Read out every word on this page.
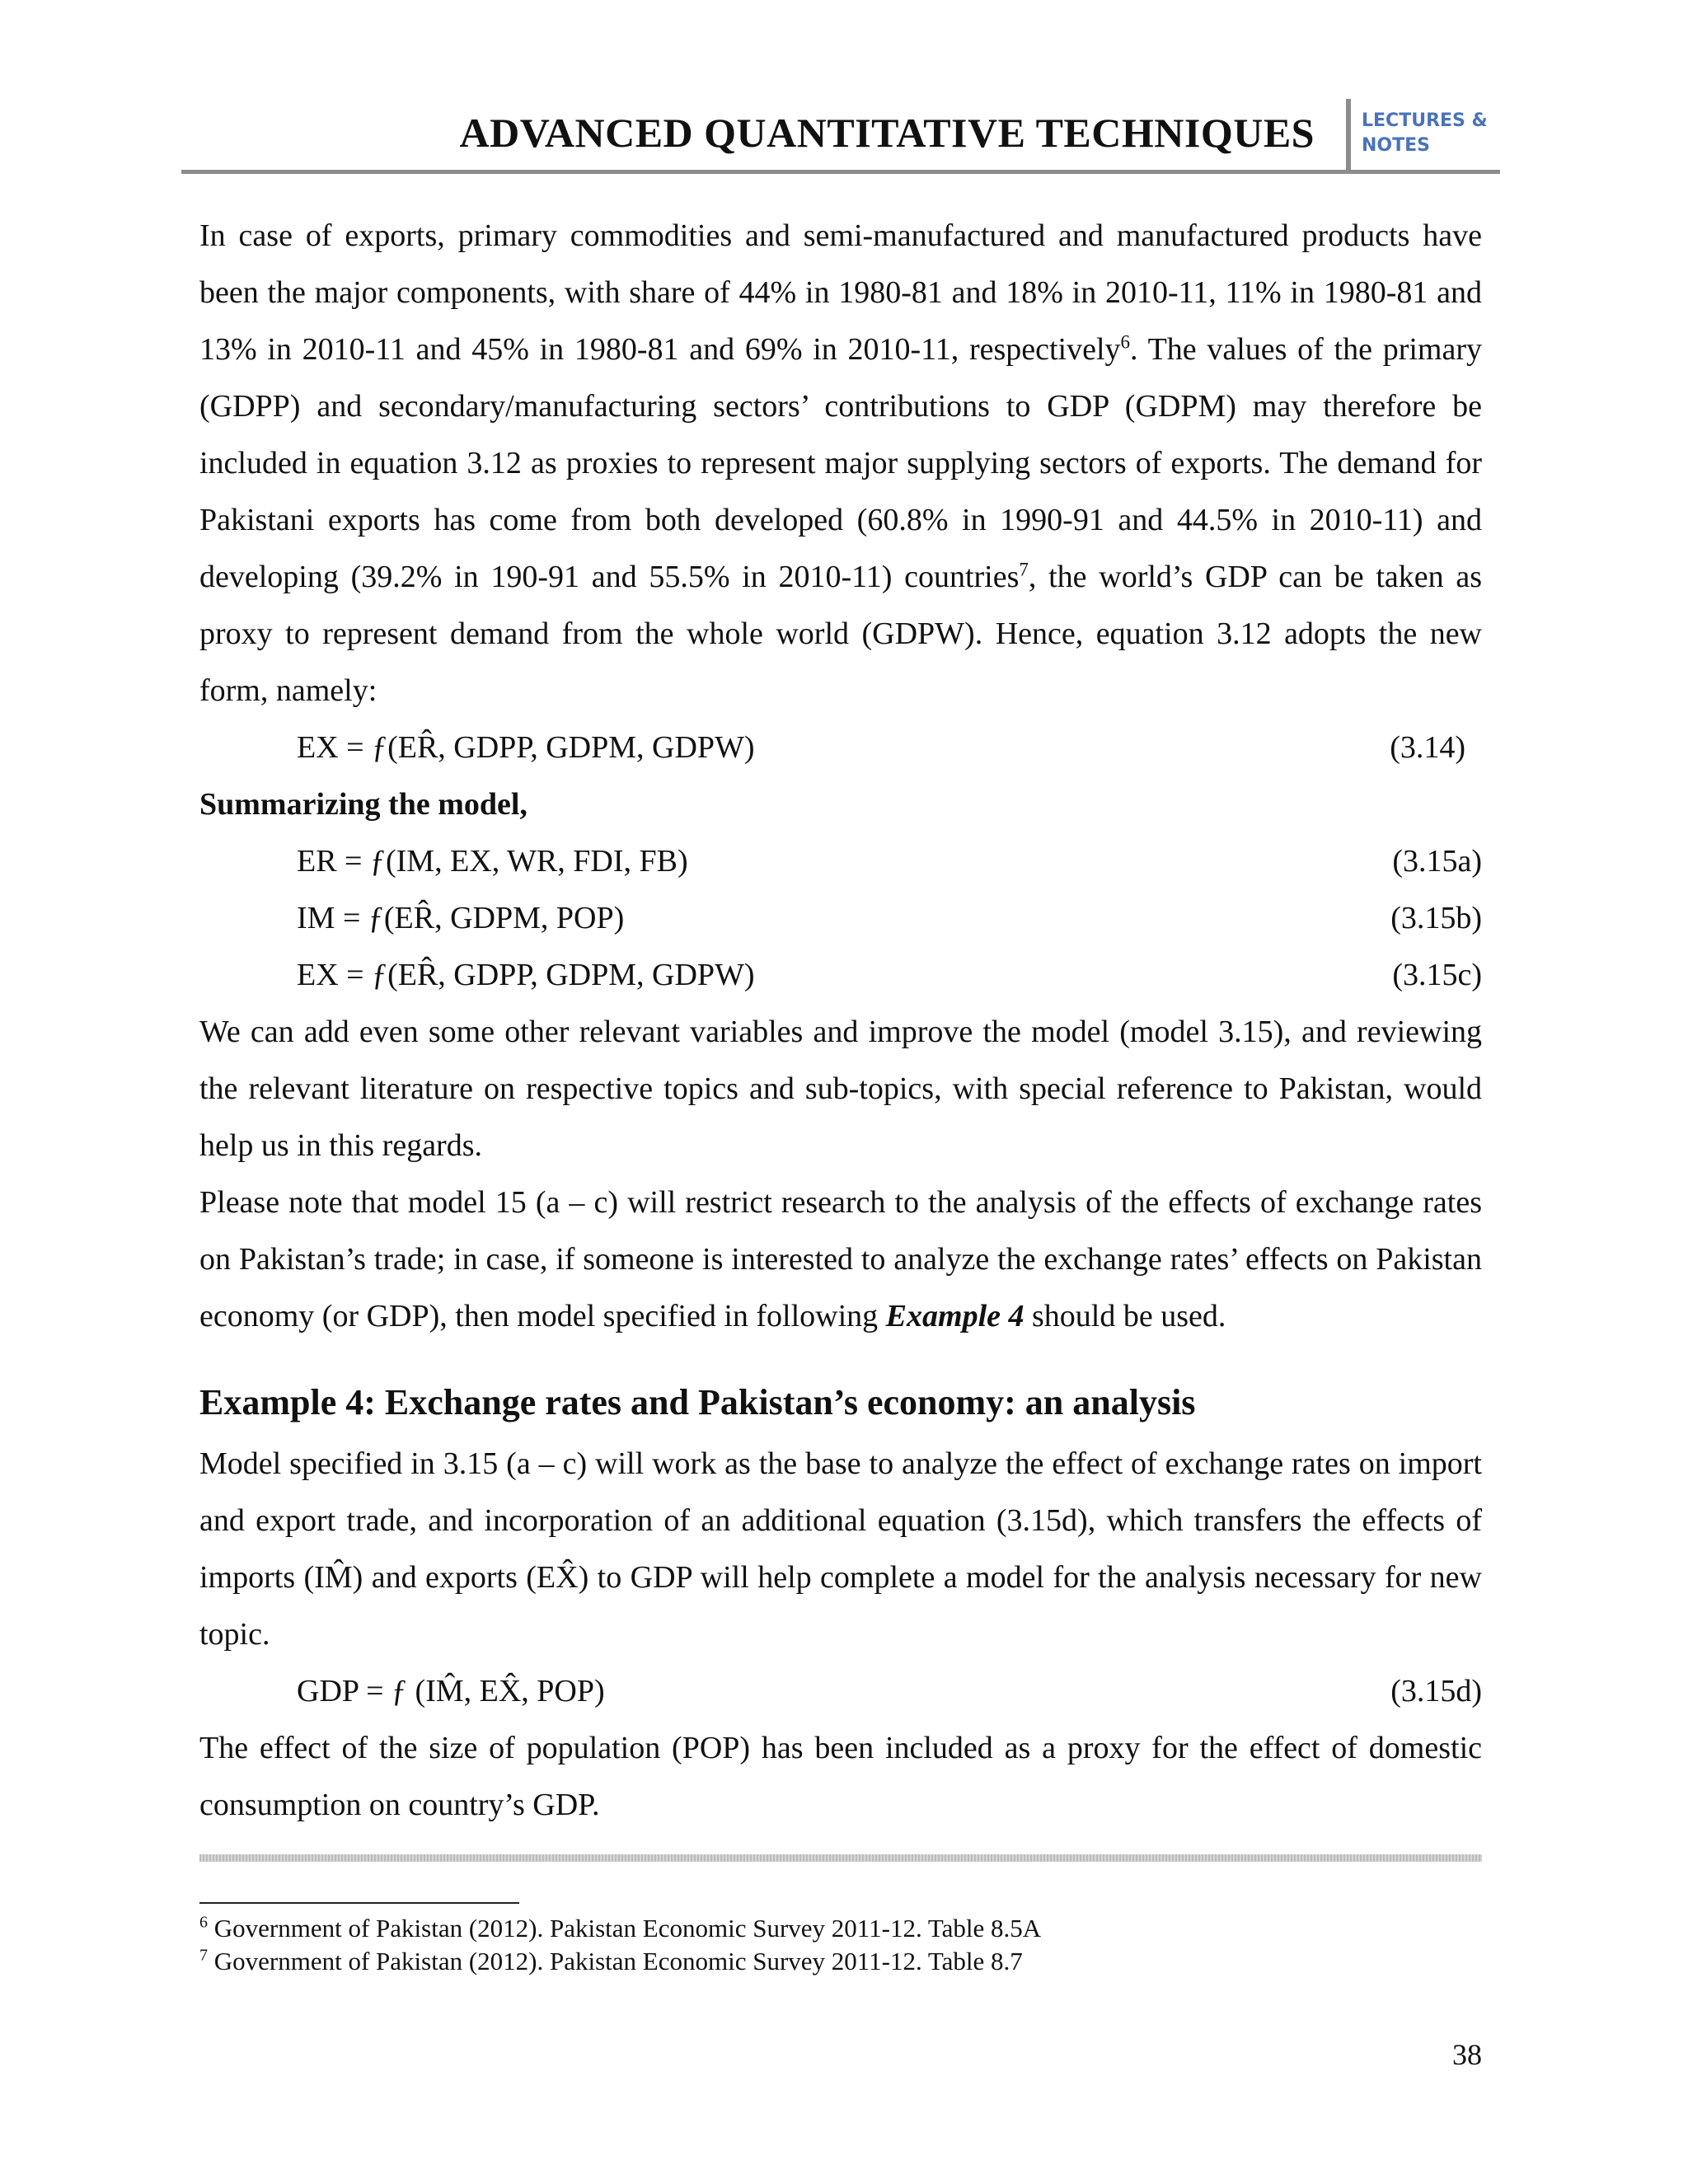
ADVANCED QUANTITATIVE TECHNIQUES	LECTURES &
NOTES

In case of exports, primary commodities and semi-manufactured and manufactured products have been the major components, with share of 44% in 1980-81 and 18% in 2010-11, 11% in 1980-81 and 13% in 2010-11 and 45% in 1980-81 and 69% in 2010-11, respectively$^6$. The values of the primary (GDPP) and secondary/manufacturing sectors’ contributions to GDP (GDPM) may therefore be included in equation 3.12 as proxies to represent major supplying sectors of exports. The demand for Pakistani exports has come from both developed (60.8% in 1990-91 and 44.5% in 2010-11) and developing (39.2% in 190-91 and 55.5% in 2010-11) countries$^7$, the world’s GDP can be taken as proxy to represent demand from the whole world (GDPW). Hence, equation 3.12 adopts the new form, namely:

EX = ƒ(ER̂, GDPP, GDPM, GDPW)	(3.14)
Summarizing the model,
ER = ƒ(IM, EX, WR, FDI, FB)	(3.15a)
IM = ƒ(ER̂, GDPM, POP)	(3.15b)
EX = ƒ(ER̂, GDPP, GDPM, GDPW)	(3.15c)

We can add even some other relevant variables and improve the model (model 3.15), and reviewing the relevant literature on respective topics and sub-topics, with special reference to Pakistan, would help us in this regards.

Please note that model 15 (a – c) will restrict research to the analysis of the effects of exchange rates on Pakistan’s trade; in case, if someone is interested to analyze the exchange rates’ effects on Pakistan economy (or GDP), then model specified in following Example 4 should be used.

Example 4: Exchange rates and Pakistan’s economy: an analysis

Model specified in 3.15 (a – c) will work as the base to analyze the effect of exchange rates on import and export trade, and incorporation of an additional equation (3.15d), which transfers the effects of imports (IM̂) and exports (EX̂) to GDP will help complete a model for the analysis necessary for new topic.

GDP = ƒ (IM̂, EX̂, POP)	(3.15d)

The effect of the size of population (POP) has been included as a proxy for the effect of domestic consumption on country’s GDP.

$^6$ Government of Pakistan (2012). Pakistan Economic Survey 2011-12. Table 8.5A

$^7$ Government of Pakistan (2012). Pakistan Economic Survey 2011-12. Table 8.7

38
